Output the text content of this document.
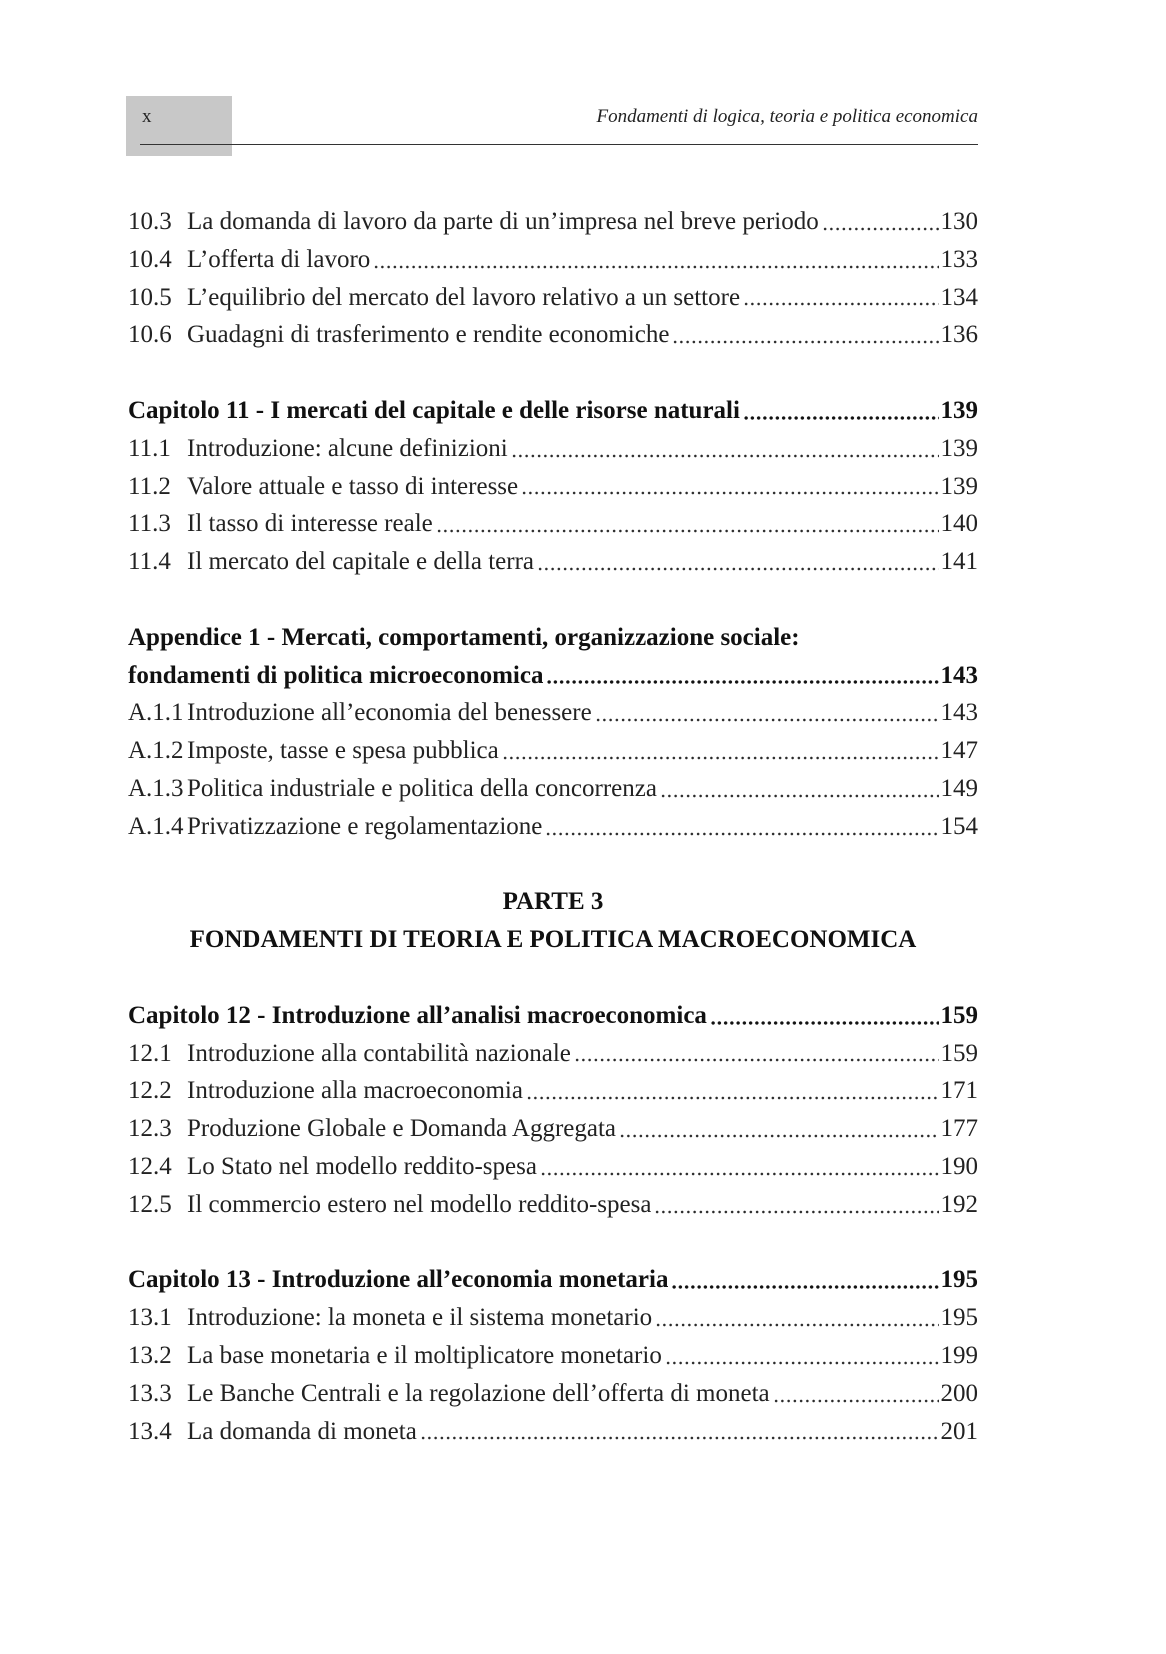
x	Fondamenti di logica, teoria e politica economica
10.3 La domanda di lavoro da parte di un’impresa nel breve periodo	130
10.4 L’offerta di lavoro	133
10.5 L’equilibrio del mercato del lavoro relativo a un settore	134
10.6 Guadagni di trasferimento e rendite economiche	136
Capitolo 11 - I mercati del capitale e delle risorse naturali	139
11.1 Introduzione: alcune definizioni	139
11.2 Valore attuale e tasso di interesse	139
11.3 Il tasso di interesse reale	140
11.4 Il mercato del capitale e della terra	141
Appendice 1 - Mercati, comportamenti, organizzazione sociale:
fondamenti di politica microeconomica	143
A.1.1 Introduzione all’economia del benessere	143
A.1.2 Imposte, tasse e spesa pubblica	147
A.1.3 Politica industriale e politica della concorrenza	149
A.1.4 Privatizzazione e regolamentazione	154
PARTE 3
FONDAMENTI DI TEORIA E POLITICA MACROECONOMICA
Capitolo 12 - Introduzione all’analisi macroeconomica	159
12.1 Introduzione alla contabilità nazionale	159
12.2 Introduzione alla macroeconomia	171
12.3 Produzione Globale e Domanda Aggregata	177
12.4 Lo Stato nel modello reddito-spesa	190
12.5 Il commercio estero nel modello reddito-spesa	192
Capitolo 13 - Introduzione all’economia monetaria	195
13.1 Introduzione: la moneta e il sistema monetario	195
13.2 La base monetaria e il moltiplicatore monetario	199
13.3 Le Banche Centrali e la regolazione dell’offerta di moneta	200
13.4 La domanda di moneta	201
